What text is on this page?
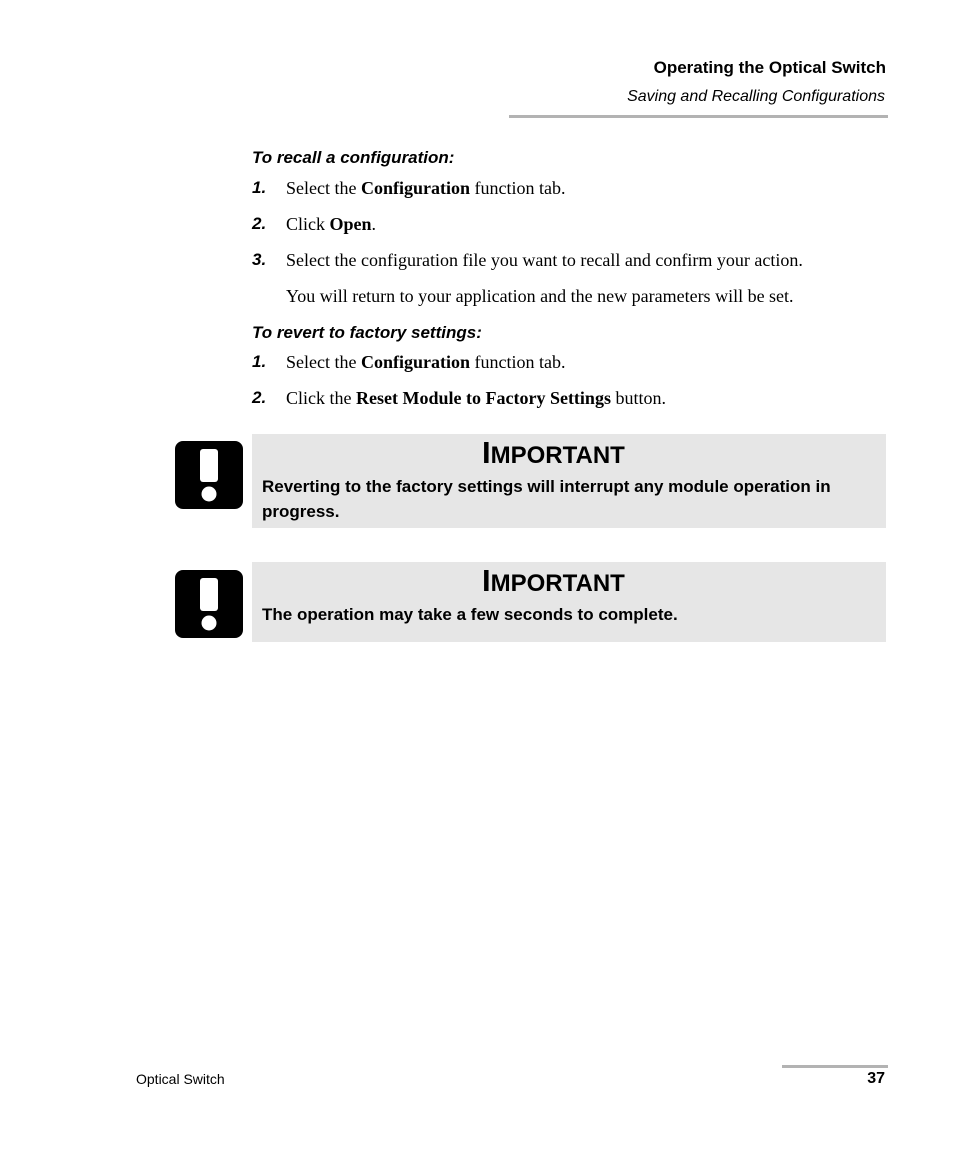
Operating the Optical Switch
Saving and Recalling Configurations
To recall a configuration:
1. Select the Configuration function tab.
2. Click Open.
3. Select the configuration file you want to recall and confirm your action.
You will return to your application and the new parameters will be set.
To revert to factory settings:
1. Select the Configuration function tab.
2. Click the Reset Module to Factory Settings button.
IMPORTANT
Reverting to the factory settings will interrupt any module operation in progress.
IMPORTANT
The operation may take a few seconds to complete.
Optical Switch	37
